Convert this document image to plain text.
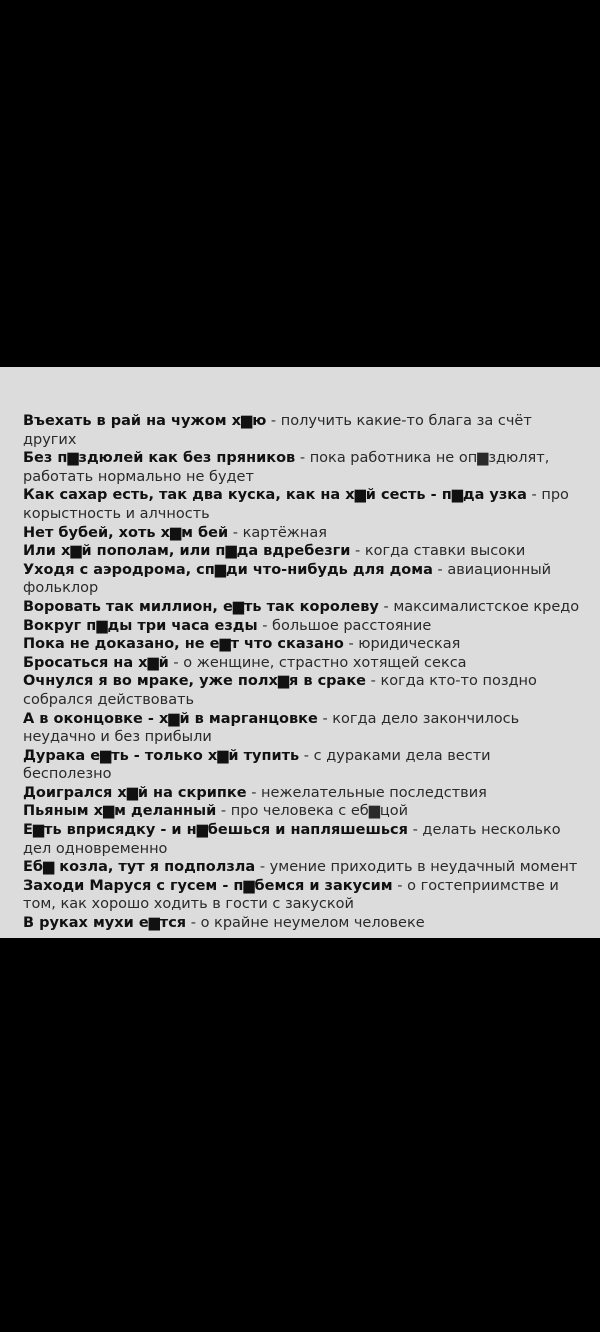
Въехать в рай на чужом х▆ю - получить какие-то блага за счёт других
Без п▆здюлей как без пряников - пока работника не оп▆здюлят, работать нормально не будет
Как сахар есть, так два куска, как на х▆й сесть - п▆да узка - про корыстность и алчность
Нет бубей, хоть х▆м бей - картёжная
Или х▆й пополам, или п▆да вдребезги - когда ставки высоки
Уходя с аэродрома, сп▆ди что-нибудь для дома - авиационный фольклор
Воровать так миллион, е▆ть так королеву - максималистское кредо
Вокруг п▆ды три часа езды - большое расстояние
Пока не доказано, не е▆т что сказано - юридическая
Бросаться на х▆й - о женщине, страстно хотящей секса
Очнулся я во мраке, уже полх▆я в сраке - когда кто-то поздно собрался действовать
А в оконцовке - х▆й в марганцовке - когда дело закончилось неудачно и без прибыли
Дурака е▆ть - только х▆й тупить - с дураками дела вести бесполезно
Доигрался х▆й на скрипке - нежелательные последствия
Пьяным х▆м деланный - про человека с еб▆цой
Е▆ть вприсядку - и н▆бешься и напляшешься - делать несколько дел одновременно
Еб▆ козла, тут я подползла - умение приходить в неудачный момент
Заходи Маруся с гусем - п▆бемся и закусим - о гостеприимстве и том, как хорошо ходить в гости с закуской
В руках мухи е▆тся - о крайне неумелом человеке
